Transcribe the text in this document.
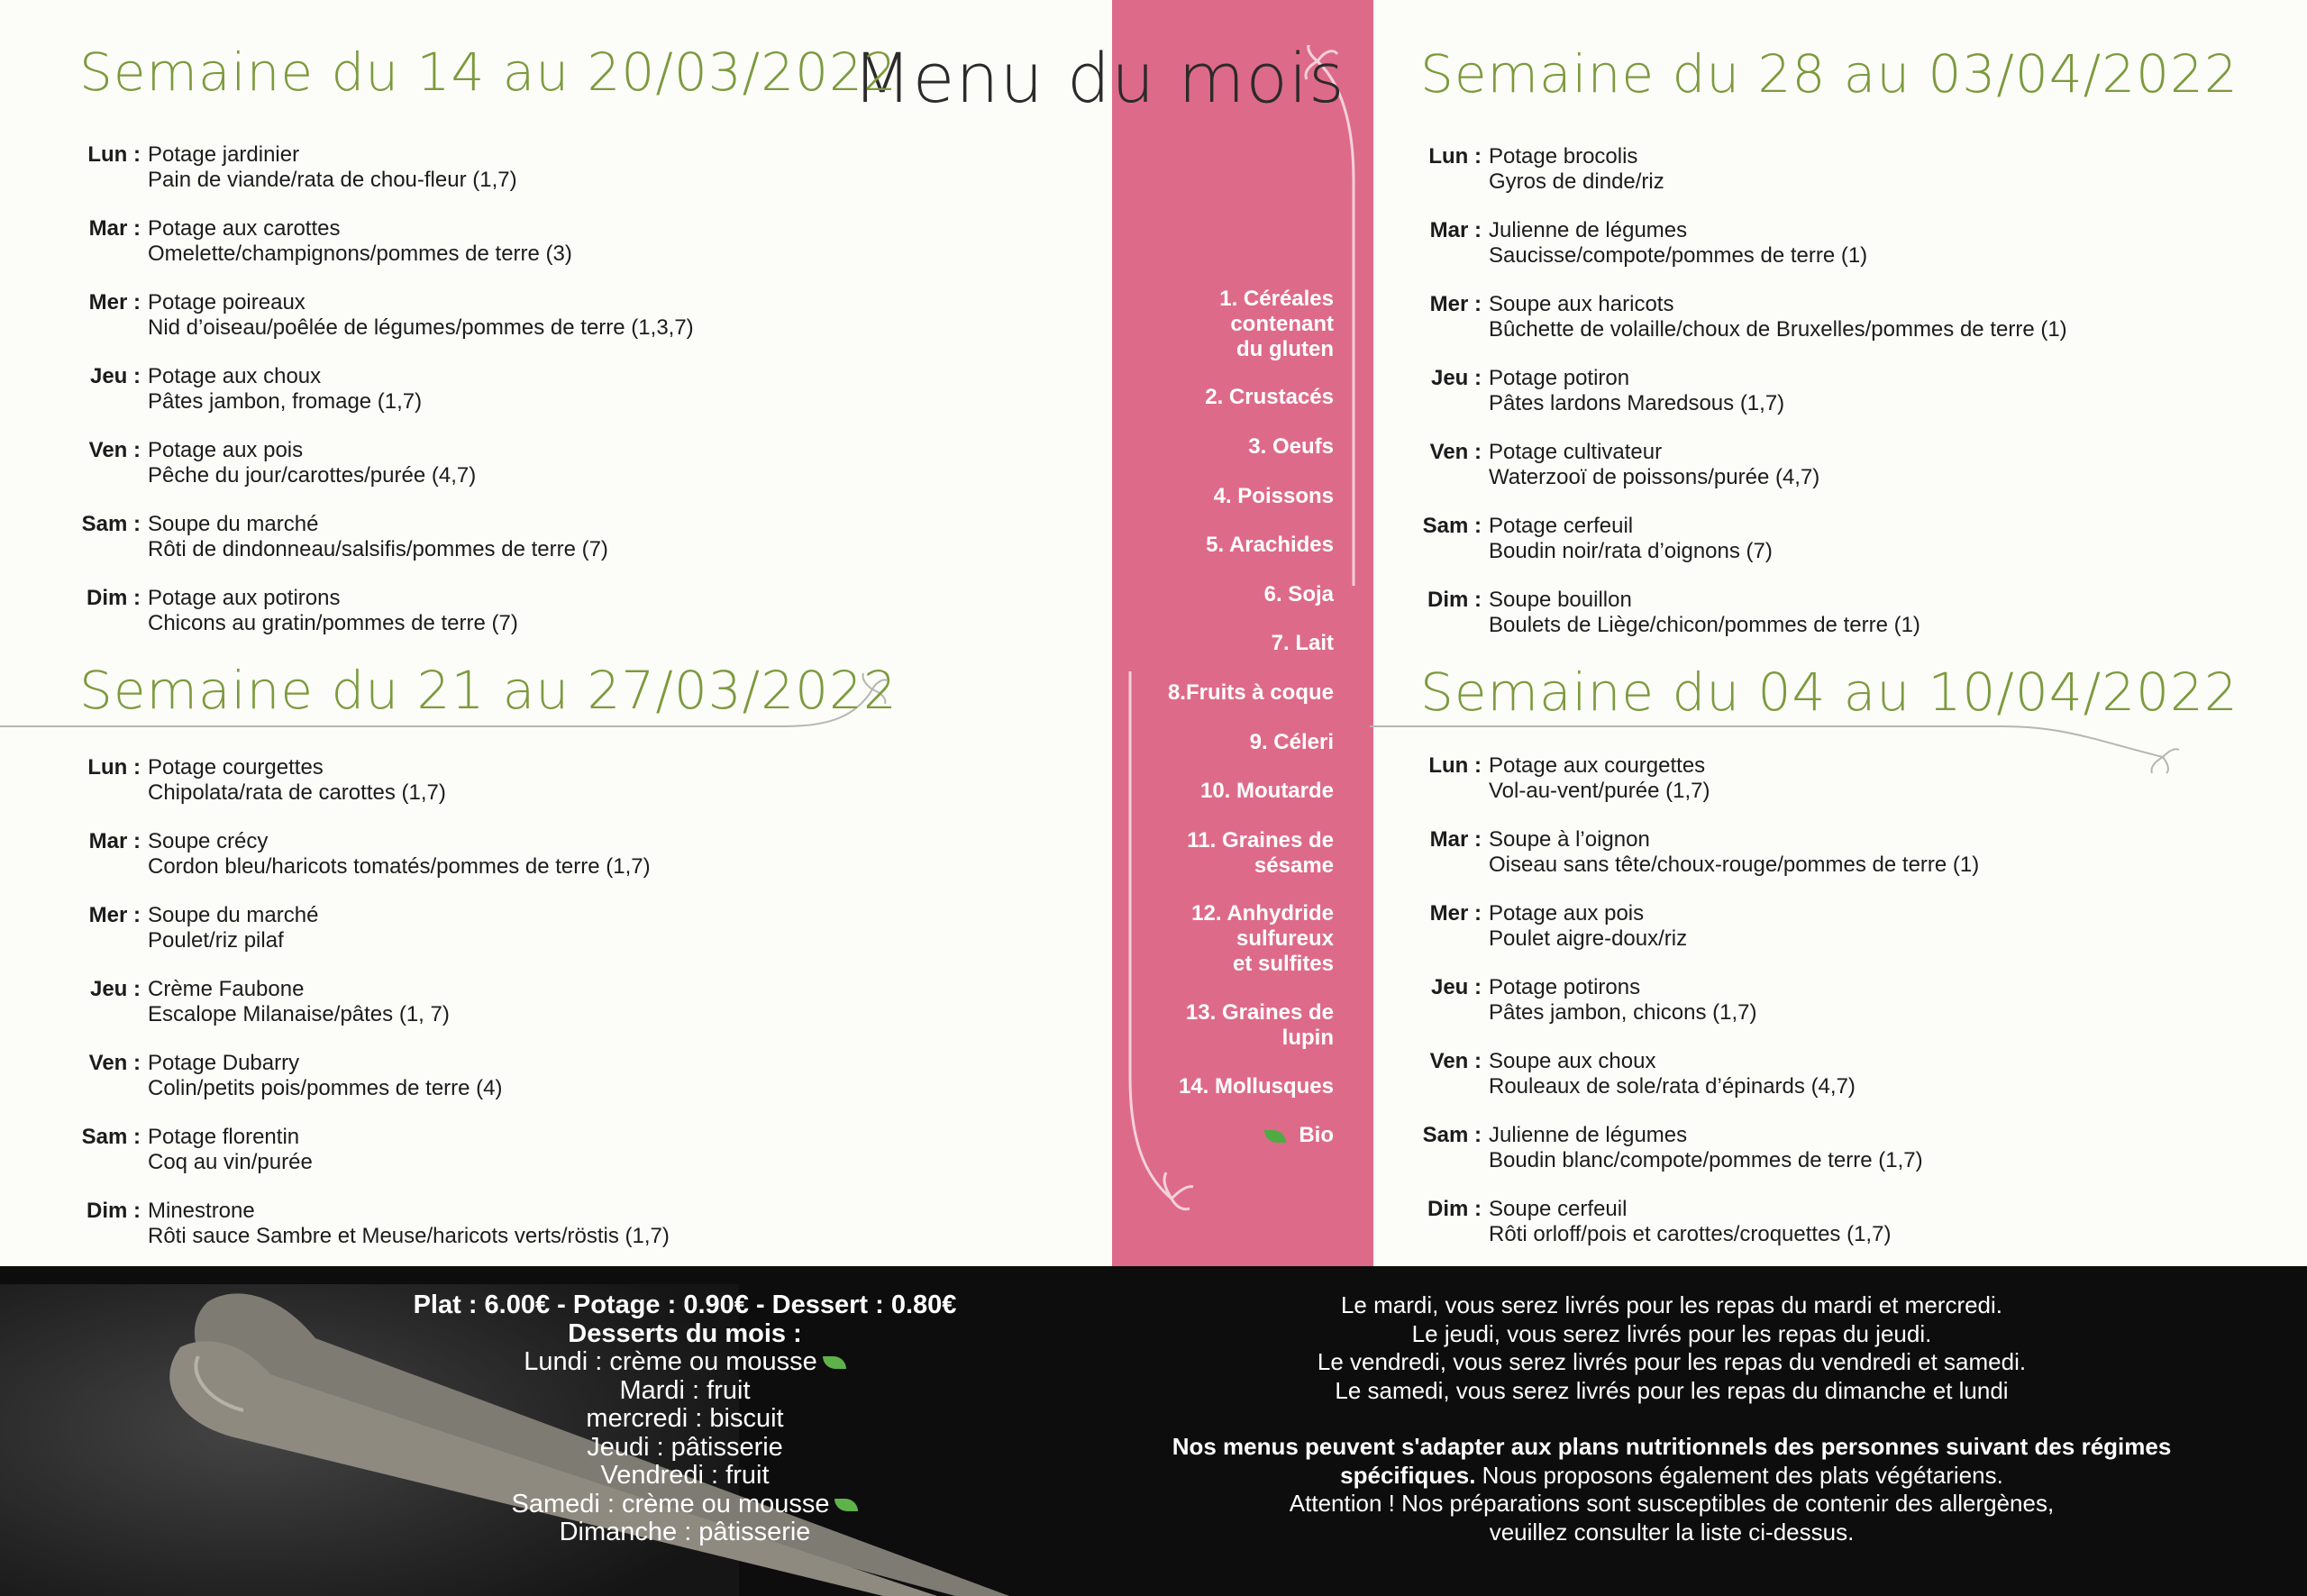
Menu du mois
Semaine du 14 au 20/03/2022
Lun : Potage jardinier
Pain de viande/rata de chou-fleur (1,7)
Mar : Potage aux carottes
Omelette/champignons/pommes de terre (3)
Mer : Potage poireaux
Nid d’oiseau/poêlée de légumes/pommes de terre (1,3,7)
Jeu : Potage aux choux
Pâtes jambon, fromage (1,7)
Ven : Potage aux pois
Pêche du jour/carottes/purée (4,7)
Sam : Soupe du marché
Rôti de dindonneau/salsifis/pommes de terre (7)
Dim : Potage aux potirons
Chicons au gratin/pommes de terre (7)
Semaine du 21 au 27/03/2022
Lun : Potage courgettes
Chipolata/rata de carottes (1,7)
Mar : Soupe crécy
Cordon bleu/haricots tomatés/pommes de terre (1,7)
Mer : Soupe du marché
Poulet/riz pilaf
Jeu : Crème Faubone
Escalope Milanaise/pâtes (1, 7)
Ven : Potage Dubarry
Colin/petits pois/pommes de terre (4)
Sam : Potage florentin
Coq au vin/purée
Dim : Minestrone
Rôti sauce Sambre et Meuse/haricots verts/röstis (1,7)
Semaine du 28 au 03/04/2022
Lun : Potage brocolis
Gyros de dinde/riz
Mar : Julienne de légumes
Saucisse/compote/pommes de terre (1)
Mer : Soupe aux haricots
Bûchette de volaille/choux de Bruxelles/pommes de terre (1)
Jeu : Potage potiron
Pâtes lardons Maredsous (1,7)
Ven : Potage cultivateur
Waterzooï de poissons/purée (4,7)
Sam : Potage cerfeuil
Boudin noir/rata d’oignons (7)
Dim : Soupe bouillon
Boulets de Liège/chicon/pommes de terre (1)
Semaine du 04 au 10/04/2022
Lun : Potage aux courgettes
Vol-au-vent/purée (1,7)
Mar : Soupe à l’oignon
Oiseau sans tête/choux-rouge/pommes de terre (1)
Mer : Potage aux pois
Poulet aigre-doux/riz
Jeu : Potage potirons
Pâtes jambon, chicons (1,7)
Ven : Soupe aux choux
Rouleaux de sole/rata d’épinards (4,7)
Sam : Julienne de légumes
Boudin blanc/compote/pommes de terre (1,7)
Dim : Soupe cerfeuil
Rôti orloff/pois et carottes/croquettes (1,7)
1. Céréales
contenant
du gluten
2. Crustacés
3. Oeufs
4. Poissons
5. Arachides
6. Soja
7. Lait
8.Fruits à coque
9. Céleri
10. Moutarde
11. Graines de
sésame
12. Anhydride
sulfureux
et sulfites
13. Graines de
lupin
14. Mollusques
Bio
Plat : 6.00€ - Potage : 0.90€ - Dessert : 0.80€
Desserts du mois :
Lundi : crème ou mousse
Mardi : fruit
mercredi : biscuit
Jeudi : pâtisserie
Vendredi : fruit
Samedi : crème ou mousse
Dimanche : pâtisserie
Le mardi, vous serez livrés pour les repas du mardi et mercredi.
Le jeudi, vous serez livrés pour les repas du jeudi.
Le vendredi, vous serez livrés pour les repas du vendredi et samedi.
Le samedi, vous serez livrés pour les repas du dimanche et lundi
Nos menus peuvent s'adapter aux plans nutritionnels des personnes suivant des régimes spécifiques. Nous proposons également des plats végétariens.
Attention ! Nos préparations sont susceptibles de contenir des allergènes,
veuillez consulter la liste ci-dessus.
